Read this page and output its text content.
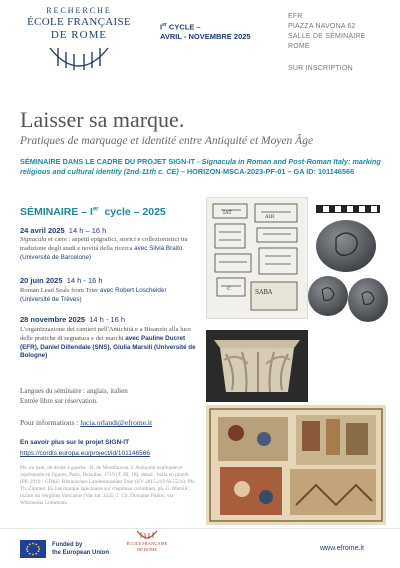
RECHERCHE
ÉCOLE FRANÇAISE
DE ROME
Ier CYCLE –
AVRIL - NOVEMBRE 2025
EFR
PIAZZA NAVONA 62
SALLE DE SÉMINAIRE
ROME
SUR INSCRIPTION
Laisser sa marque.
Pratiques de marquage et identité entre Antiquité et Moyen Âge
SÉMINAIRE DANS LE CADRE DU PROJET SIGN-IT - Signacula in Roman and Post-Roman Italy: marking religious and cultural identity (2nd-11th c. CE) – HORIZON-MSCA-2023-PF-01 – GA ID: 101146566
SÉMINAIRE – Ier  cycle – 2025
24 avril 2025 14 h – 16 h
Signacula et cære : aspetti epigrafici, storici e collezionistici tra tradizione degli studi e novità della ricerca avec Silvia Braito (Université de Barcelone)
20 juin 2025 14 h - 16 h
Roman Lead Seals from Trier avec Robert Loscheider (Université de Trèves)
28 novembre 2025 14 h - 16 h
L'organizzazione dei cantieri nell'Antichità e a Bisanzio alla luce delle pratiche di segnatura e dei marchi avec Pauline Ducret (EFR), Daniel Dillendale (SNS), Giulia Marsili (Université de Bologne)
Langues du séminaire : anglais, italien
Entrée libre sur réservation.
Pour informations : lucia.orlandi@efrome.it
En savoir plus sur le projet SIGN-IT
https://cordis.europa.eu/project/id/101146566
Pls. en haut, de droite à gauche : B. de Montfaucon, L'Antiquité expliquée et représentée en figures, Paris, Delaulne, 1719 (T. III, 18), détail ; bulla en plomb (PK 2919 : GDKE, Rheinisches Landesmuseum Trier (EV 2015,219 Nr.55/10, Pfs. Th. Zühmer. En bas marque lapicinaire sur chapiteau corinthien, ph. G. Marsili ; maître du Vergilius Vaticanus (Vat. lat. 3225, f. 13r, Domaine Public, via Wikimedia Commons.
SABA
IAT
AIR
C
Funded by
the European Union
ÉCOLE FRANÇAISE DE ROME	www.efrome.it
